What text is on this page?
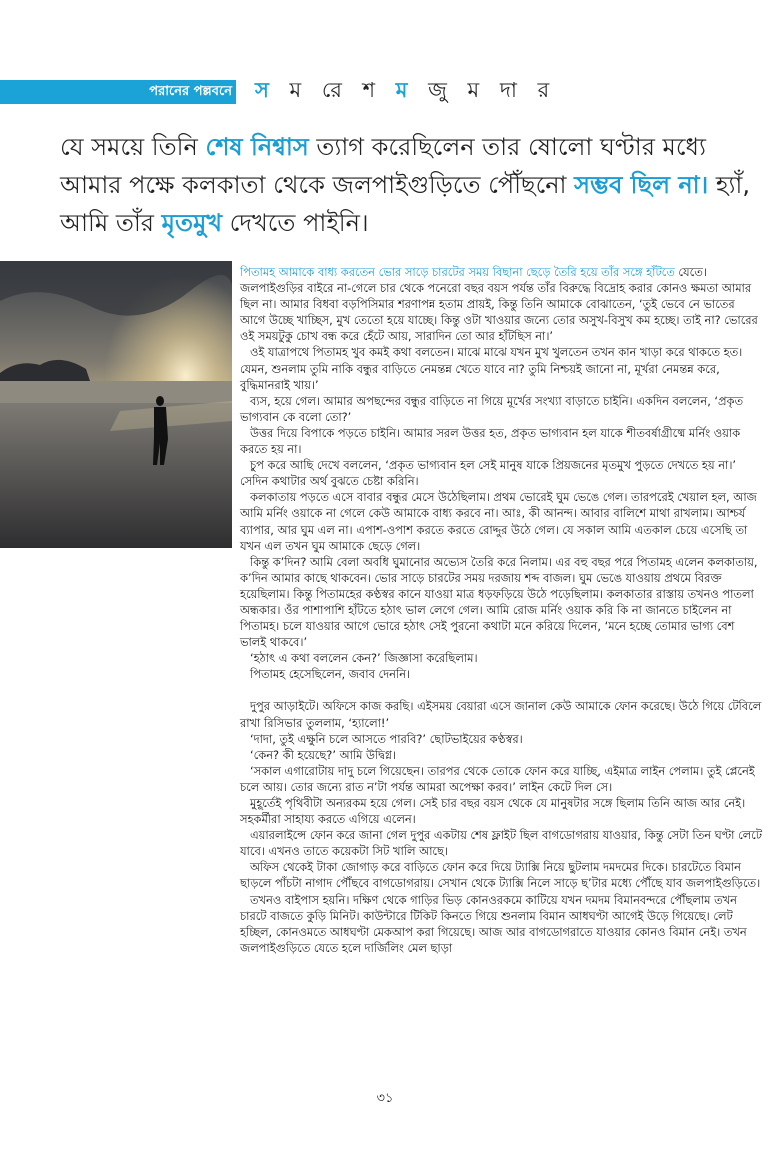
পরানের পল্লবনে স ম রে শ ম জু ম দা র
যে সময়ে তিনি শেষ নিশ্বাস ত্যাগ করেছিলেন তার ষোলো ঘণ্টার মধ্যে আমার পক্ষে কলকাতা থেকে জলপাইগুড়িতে পৌঁছনো সম্ভব ছিল না। হ্যাঁ, আমি তাঁর মৃতমুখ দেখতে পাইনি।

পিতামহ আমাকে বাধ্য করতেন ভোর সাড়ে চারটের সময় বিছানা ছেড়ে তৈরি হয়ে তাঁর সঙ্গে হাঁটতে যেতে। জলপাইগুড়ির বাইরে না-গেলে চার থেকে পনেরো বছর বয়স পর্যন্ত তাঁর বিরুদ্ধে বিদ্রোহ করার কোনও ক্ষমতা আমার ছিল না। আমার বিধবা বড়পিসিমার শরণাপন্ন হতাম প্রায়ই, কিন্তু তিনি আমাকে বোঝাতেন, ‘তুই ভেবে নে ভাতের আগে উচ্ছে খাচ্ছিস, মুখ তেতো হয়ে যাচ্ছে। কিন্তু ওটা খাওয়ার জন্যে তোর অসুখ-বিসুখ কম হচ্ছে। তাই না? ভোরের ওই সময়টুকু চোখ বন্ধ করে হেঁটে আয়, সারাদিন তো আর হাঁটছিস না।’

ওই যাত্রাপথে পিতামহ খুব কমই কথা বলতেন। মাঝে মাঝে যখন মুখ খুলতেন তখন কান খাড়া করে থাকতে হত। যেমন, শুনলাম তুমি নাকি বন্ধুর বাড়িতে নেমন্তন্ন খেতে যাবে না? তুমি নিশ্চয়ই জানো না, মূর্খরা নেমন্তন্ন করে, বুদ্ধিমানরাই খায়।’

ব্যস, হয়ে গেল। আমার অপছন্দের বন্ধুর বাড়িতে না গিয়ে মূর্খের সংখ্যা বাড়াতে চাইনি। একদিন বললেন, ‘প্রকৃত ভাগ্যবান কে বলো তো?’

উত্তর দিয়ে বিপাকে পড়তে চাইনি। আমার সরল উত্তর হত, প্রকৃত ভাগ্যবান হল যাকে শীতবর্ষাগ্রীষ্মে মর্নিং ওয়াক করতে হয় না।

চুপ করে আছি দেখে বললেন, ‘প্রকৃত ভাগ্যবান হল সেই মানুষ যাকে প্রিয়জনের মৃতমুখ পুড়তে দেখতে হয় না।’ সেদিন কথাটার অর্থ বুঝতে চেষ্টা করিনি।

কলকাতায় পড়তে এসে বাবার বন্ধুর মেসে উঠেছিলাম। প্রথম ভোরেই ঘুম ভেঙে গেল। তারপরেই খেয়াল হল, আজ আমি মর্নিং ওয়াকে না গেলে কেউ আমাকে বাধ্য করবে না। আঃ, কী আনন্দ। আবার বালিশে মাথা রাখলাম। আশ্চর্য ব্যাপার, আর ঘুম এল না। এপাশ-ওপাশ করতে করতে রোদ্দুর উঠে গেল। যে সকাল আমি এতকাল চেয়ে এসেছি তা যখন এল তখন ঘুম আমাকে ছেড়ে গেল।

কিন্তু ক’দিন? আমি বেলা অবধি ঘুমানোর অভ্যেস তৈরি করে নিলাম। এর বহু বছর পরে পিতামহ এলেন কলকাতায়, ক’দিন আমার কাছে থাকবেন। ভোর সাড়ে চারটের সময় দরজায় শব্দ বাজল। ঘুম ভেঙে যাওয়ায় প্রথমে বিরক্ত হয়েছিলাম। কিন্তু পিতামহের কণ্ঠস্বর কানে যাওয়া মাত্র ধড়ফড়িয়ে উঠে পড়েছিলাম। কলকাতার রাস্তায় তখনও পাতলা অন্ধকার। ওঁর পাশাপাশি হাঁটতে হঠাৎ ভাল লেগে গেল। আমি রোজ মর্নিং ওয়াক করি কি না জানতে চাইলেন না পিতামহ। চলে যাওয়ার আগে ভোরে হঠাৎ সেই পুরনো কথাটা মনে করিয়ে দিলেন, ‘মনে হচ্ছে তোমার ভাগ্য বেশ ভালই থাকবে।’

‘হঠাৎ এ কথা বললেন কেন?’ জিজ্ঞাসা করেছিলাম।

পিতামহ হেসেছিলেন, জবাব দেননি।

দুপুর আড়াইটে। অফিসে কাজ করছি। এইসময় বেয়ারা এসে জানাল কেউ আমাকে ফোন করেছে। উঠে গিয়ে টেবিলে রাখা রিসিভার তুললাম, ‘হ্যালো!’

‘দাদা, তুই এক্ষুনি চলে আসতে পারবি?’ ছোটভাইয়ের কণ্ঠস্বর।

‘কেন? কী হয়েছে?’ আমি উদ্বিগ্ন।

‘সকাল এগারোটায় দাদু চলে গিয়েছেন। তারপর থেকে তোকে ফোন করে যাচ্ছি, এইমাত্র লাইন পেলাম। তুই প্লেনেই চলে আয়। তোর জন্যে রাত ন’টা পর্যন্ত আমরা অপেক্ষা করব।’ লাইন কেটে দিল সে।

মুহূর্তেই পৃথিবীটা অন্যরকম হয়ে গেল। সেই চার বছর বয়স থেকে যে মানুষটার সঙ্গে ছিলাম তিনি আজ আর নেই। সহকর্মীরা সাহায্য করতে এগিয়ে এলেন।

এয়ারলাইন্সে ফোন করে জানা গেল দুপুর একটায় শেষ ফ্লাইট ছিল বাগডোগরায় যাওয়ার, কিন্তু সেটা তিন ঘণ্টা লেটে যাবে। এখনও তাতে কয়েকটা সিট খালি আছে।

অফিস থেকেই টাকা জোগাড় করে বাড়িতে ফোন করে দিয়ে ট্যাক্সি নিয়ে ছুটলাম দমদমের দিকে। চারটেতে বিমান ছাড়লে পাঁচটা নাগাদ পৌঁছবে বাগডোগরায়। সেখান থেকে ট্যাক্সি নিলে সাড়ে ছ’টার মধ্যে পৌঁছে যাব জলপাইগুড়িতে।

তখনও বাইপাস হয়নি। দক্ষিণ থেকে গাড়ির ভিড় কোনওরকমে কাটিয়ে যখন দমদম বিমানবন্দরে পৌঁছলাম তখন চারটে বাজতে কুড়ি মিনিট। কাউন্টারে টিকিট কিনতে গিয়ে শুনলাম বিমান আধঘণ্টা আগেই উড়ে গিয়েছে। লেট হচ্ছিল, কোনওমতে আধঘণ্টা মেকআপ করা গিয়েছে। আজ আর বাগডোগরাতে যাওয়ার কোনও বিমান নেই। তখন জলপাইগুড়িতে যেতে হলে দার্জিলিং মেল ছাড়া

৩১
